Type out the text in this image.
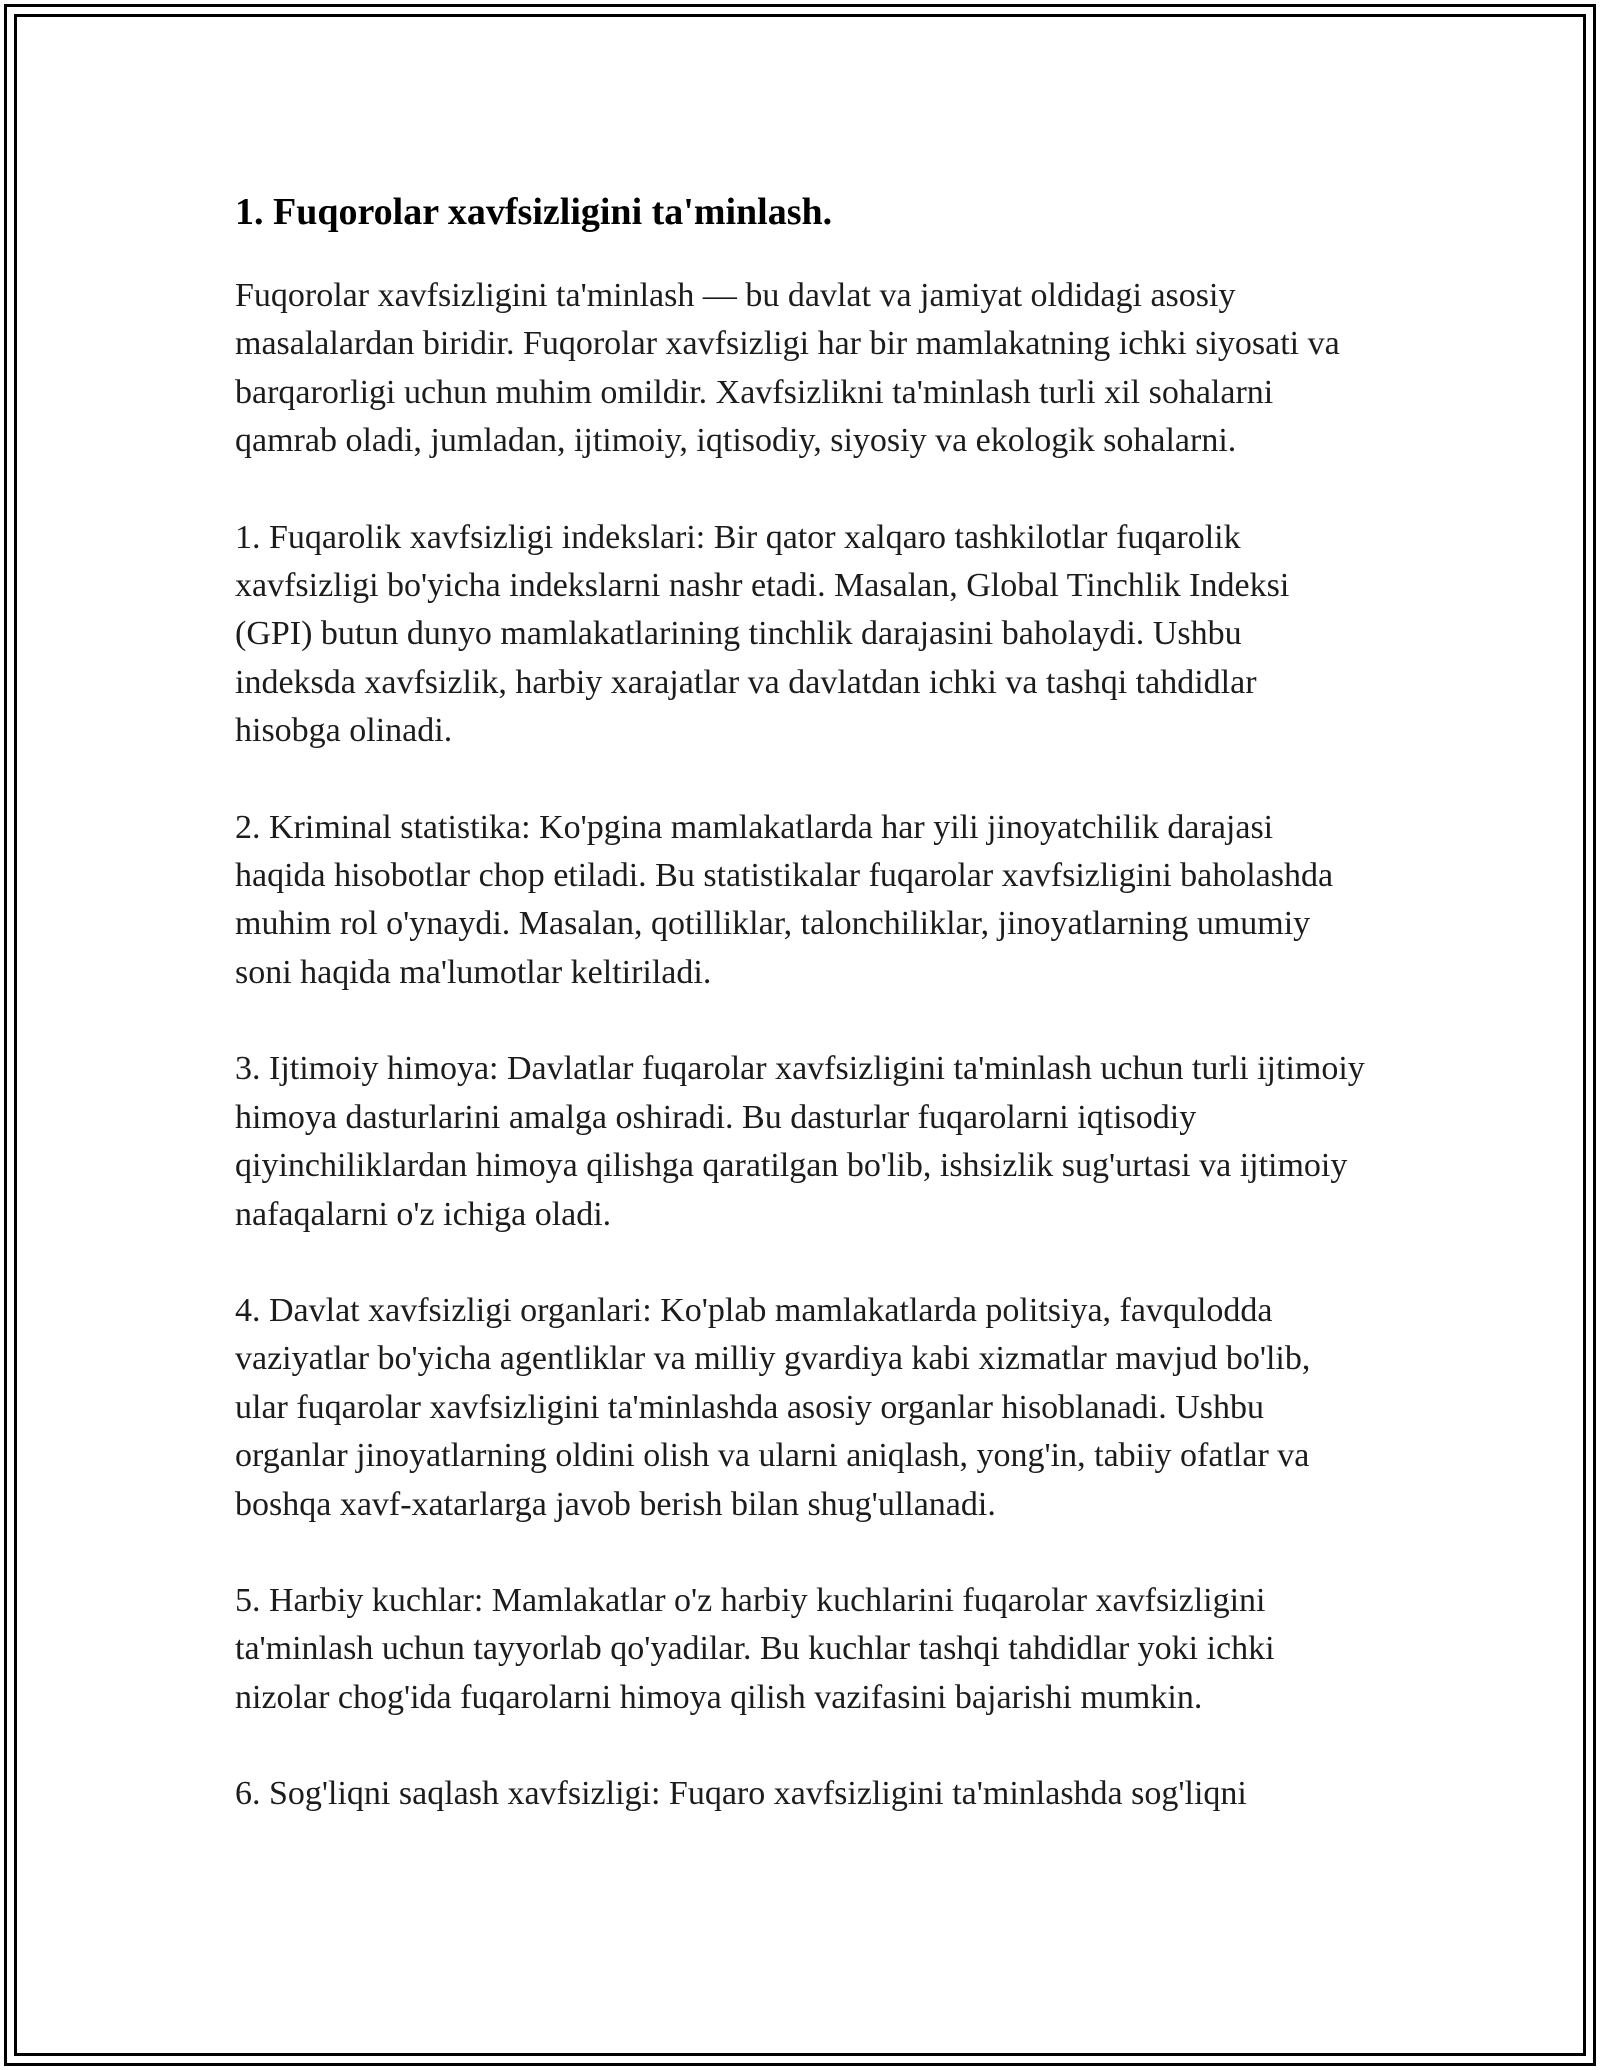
1. Fuqorolar xavfsizligini ta'minlash.

Fuqorolar xavfsizligini ta'minlash — bu davlat va jamiyat oldidagi asosiy masalalardan biridir. Fuqorolar xavfsizligi har bir mamlakatning ichki siyosati va barqarorligi uchun muhim omildir. Xavfsizlikni ta'minlash turli xil sohalarni qamrab oladi, jumladan, ijtimoiy, iqtisodiy, siyosiy va ekologik sohalarni.

1. Fuqarolik xavfsizligi indekslari: Bir qator xalqaro tashkilotlar fuqarolik xavfsizligi bo'yicha indekslarni nashr etadi. Masalan, Global Tinchlik Indeksi (GPI) butun dunyo mamlakatlarining tinchlik darajasini baholaydi. Ushbu indeksda xavfsizlik, harbiy xarajatlar va davlatdan ichki va tashqi tahdidlar hisobga olinadi.

2. Kriminal statistika: Ko'pgina mamlakatlarda har yili jinoyatchilik darajasi haqida hisobotlar chop etiladi. Bu statistikalar fuqarolar xavfsizligini baholashda muhim rol o'ynaydi. Masalan, qotilliklar, talonchiliklar, jinoyatlarning umumiy soni haqida ma'lumotlar keltiriladi.

3. Ijtimoiy himoya: Davlatlar fuqarolar xavfsizligini ta'minlash uchun turli ijtimoiy himoya dasturlarini amalga oshiradi. Bu dasturlar fuqarolarni iqtisodiy qiyinchiliklardan himoya qilishga qaratilgan bo'lib, ishsizlik sug'urtasi va ijtimoiy nafaqalarni o'z ichiga oladi.

4. Davlat xavfsizligi organlari: Ko'plab mamlakatlarda politsiya, favqulodda vaziyatlar bo'yicha agentliklar va milliy gvardiya kabi xizmatlar mavjud bo'lib, ular fuqarolar xavfsizligini ta'minlashda asosiy organlar hisoblanadi. Ushbu organlar jinoyatlarning oldini olish va ularni aniqlash, yong'in, tabiiy ofatlar va boshqa xavf-xatarlarga javob berish bilan shug'ullanadi.

5. Harbiy kuchlar: Mamlakatlar o'z harbiy kuchlarini fuqarolar xavfsizligini ta'minlash uchun tayyorlab qo'yadilar. Bu kuchlar tashqi tahdidlar yoki ichki nizolar chog'ida fuqarolarni himoya qilish vazifasini bajarishi mumkin.

6. Sog'liqni saqlash xavfsizligi: Fuqaro xavfsizligini ta'minlashda sog'liqni
